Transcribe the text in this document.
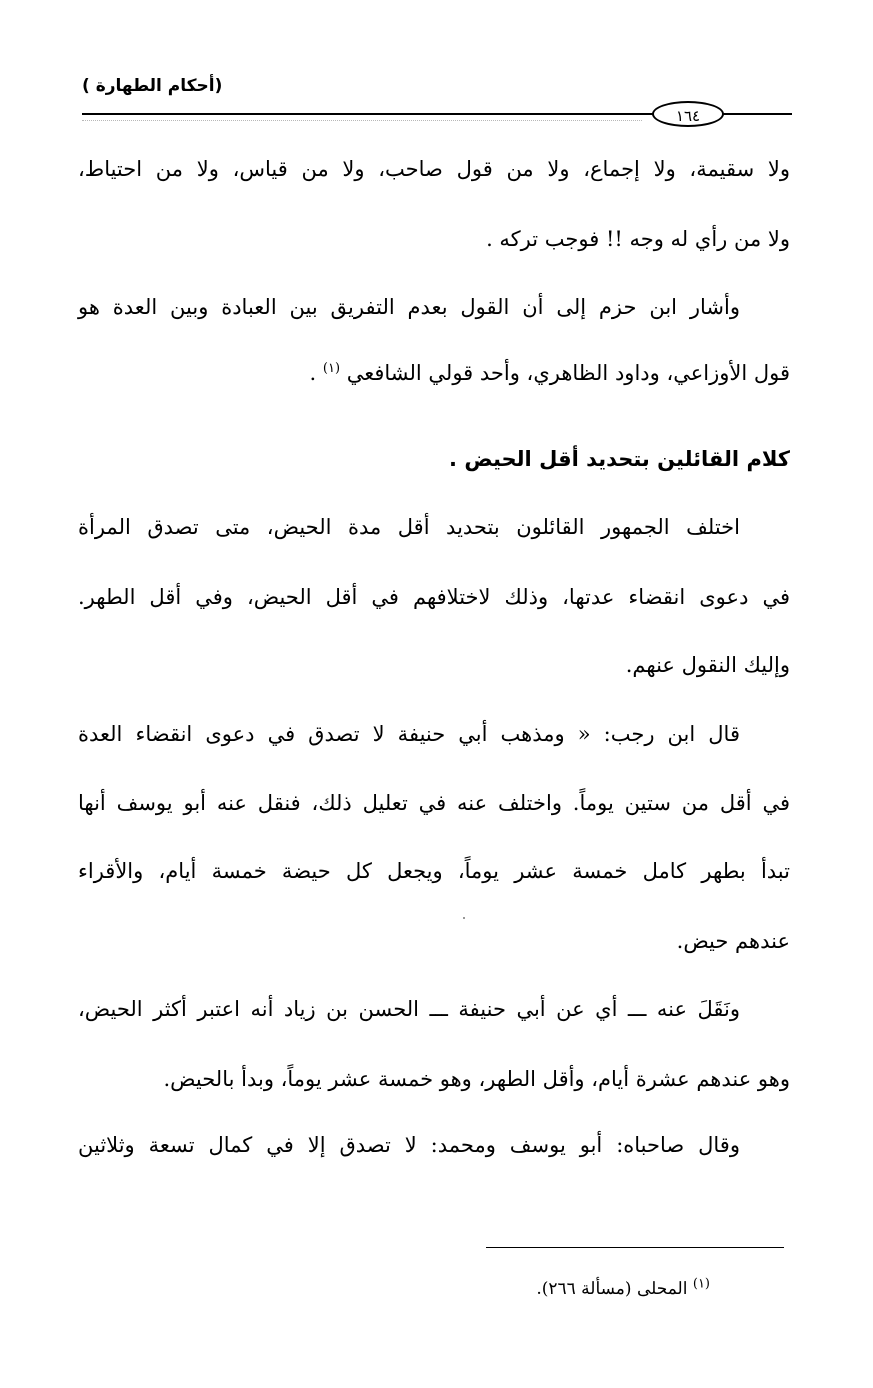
(أحكام الطهارة )
١٦٤
ولا سقيمة، ولا إجماع، ولا من قول صاحب، ولا من قياس، ولا من احتياط،
ولا من رأي له وجه !! فوجب تركه .
وأشار ابن حزم إلى أن القول بعدم التفريق بين العبادة وبين العدة هو
قول الأوزاعي، وداود الظاهري، وأحد قولي الشافعي $^{(١)}$ .
كلام القائلين بتحديد أقل الحيض .
اختلف الجمهور القائلون بتحديد أقل مدة الحيض، متى تصدق المرأة
في دعوى انقضاء عدتها، وذلك لاختلافهم في أقل الحيض، وفي أقل الطهر.
وإليك النقول عنهم.
قال ابن رجب: « ومذهب أبي حنيفة لا تصدق في دعوى انقضاء العدة
في أقل من ستين يوماً. واختلف عنه في تعليل ذلك، فنقل عنه أبو يوسف أنها
تبدأ بطهر كامل خمسة عشر يوماً، ويجعل كل حيضة خمسة أيام، والأقراء
عندهم حيض.
ونَقَلَ عنه ـــ أي عن أبي حنيفة ـــ الحسن بن زياد أنه اعتبر أكثر الحيض،
وهو عندهم عشرة أيام، وأقل الطهر، وهو خمسة عشر يوماً، وبدأ بالحيض.
وقال صاحباه: أبو يوسف ومحمد: لا تصدق إلا في كمال تسعة وثلاثين
$^{(١)}$ المحلى (مسألة ٢٦٦).
